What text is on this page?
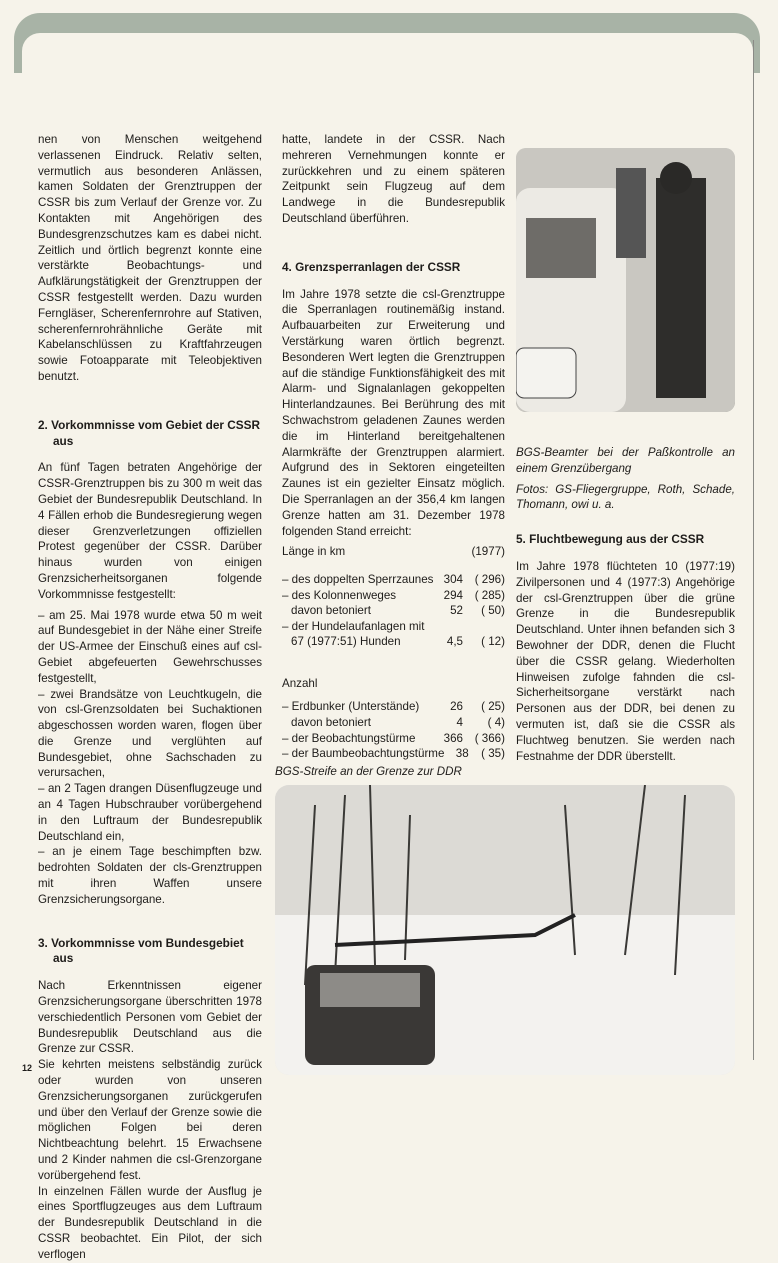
nen von Menschen weitgehend verlassenen Eindruck. Relativ selten, vermutlich aus besonderen Anlässen, kamen Soldaten der Grenztruppen der CSSR bis zum Verlauf der Grenze vor. Zu Kontakten mit Angehörigen des Bundesgrenzschutzes kam es dabei nicht. Zeitlich und örtlich begrenzt konnte eine verstärkte Beobachtungs- und Aufklärungstätigkeit der Grenztruppen der CSSR festgestellt werden. Dazu wurden Ferngläser, Scherenfernrohre auf Stativen, scherenfernrohrähnliche Geräte mit Kabelanschlüssen zu Kraftfahrzeugen sowie Fotoapparate mit Teleobjektiven benutzt.

2. Vorkommnisse vom Gebiet der CSSR
aus

An fünf Tagen betraten Angehörige der CSSR-Grenztruppen bis zu 300 m weit das Gebiet der Bundesrepublik Deutschland. In 4 Fällen erhob die Bundesregierung wegen dieser Grenzverletzungen offiziellen Protest gegenüber der CSSR. Darüber hinaus wurden von einigen Grenzsicherheitsorganen folgende Vorkommnisse festgestellt:

– am 25. Mai 1978 wurde etwa 50 m weit auf Bundesgebiet in der Nähe einer Streife der US-Armee der Einschuß eines auf csl-Gebiet abgefeuerten Gewehrschusses festgestellt,
– zwei Brandsätze von Leuchtkugeln, die von csl-Grenzsoldaten bei Suchaktionen abgeschossen worden waren, flogen über die Grenze und verglühten auf Bundesgebiet, ohne Sachschaden zu verursachen,
– an 2 Tagen drangen Düsenflugzeuge und an 4 Tagen Hubschrauber vorübergehend in den Luftraum der Bundesrepublik Deutschland ein,
– an je einem Tage beschimpften bzw. bedrohten Soldaten der cls-Grenztruppen mit ihren Waffen unsere Grenzsicherungsorgane.
3. Vorkommnisse vom Bundesgebiet
aus
Nach Erkenntnissen eigener Grenzsicherungsorgane überschritten 1978 verschiedentlich Personen vom Gebiet der Bundesrepublik Deutschland aus die Grenze zur CSSR.
Sie kehrten meistens selbständig zurück oder wurden von unseren Grenzsicherungsorganen zurückgerufen und über den Verlauf der Grenze sowie die möglichen Folgen bei deren Nichtbeachtung belehrt. 15 Erwachsene und 2 Kinder nahmen die csl-Grenzorgane vorübergehend fest.
In einzelnen Fällen wurde der Ausflug je eines Sportflugzeuges aus dem Luftraum der Bundesrepublik Deutschland in die CSSR beobachtet. Ein Pilot, der sich verflogen
12

hatte, landete in der CSSR. Nach mehreren Vernehmungen konnte er zurückkehren und zu einem späteren Zeitpunkt sein Flugzeug auf dem Landwege in die Bundesrepublik Deutschland überführen.

4. Grenzsperranlagen der CSSR

Im Jahre 1978 setzte die csl-Grenztruppe die Sperranlagen routinemäßig instand. Aufbauarbeiten zur Erweiterung und Verstärkung waren örtlich begrenzt. Besonderen Wert legten die Grenztruppen auf die ständige Funktionsfähigkeit des mit Alarm- und Signalanlagen gekoppelten Hinterlandzaunes. Bei Berührung des mit Schwachstrom geladenen Zaunes werden die im Hinterland bereitgehaltenen Alarmkräfte der Grenztruppen alarmiert. Aufgrund des in Sektoren eingeteilten Zaunes ist ein gezielter Einsatz möglich. Die Sperranlagen an der 356,4 km langen Grenze hatten am 31. Dezember 1978 folgenden Stand erreicht:

Länge in km	(1977)
– des doppelten Sperrzaunes 304	( 296)
– des Kolonnenweges	294	( 285)
davon betoniert	52	( 50)
– der Hundelaufanlagen mit
67 (1977:51) Hunden	4,5	( 12)
Anzahl
– Erdbunker (Unterstände)	26	( 25)
davon betoniert	4	( 4)
– der Beobachtungstürme	366	( 366)
– der Baumbeobachtungstürme 38	( 35)
BGS-Streife an der Grenze zur DDR

BGS-Beamter bei der Paßkontrolle an einem Grenzübergang

Fotos: GS-Fliegergruppe, Roth, Schade, Thomann, owi u. a.

5. Fluchtbewegung aus der CSSR

Im Jahre 1978 flüchteten 10 (1977:19) Zivilpersonen und 4 (1977:3) Angehörige der csl-Grenztruppen über die grüne Grenze in die Bundesrepublik Deutschland. Unter ihnen befanden sich 3 Bewohner der DDR, denen die Flucht über die CSSR gelang. Wiederholten Hinweisen zufolge fahnden die csl-Sicherheitsorgane verstärkt nach Personen aus der DDR, bei denen zu vermuten ist, daß sie die CSSR als Fluchtweg benutzen. Sie werden nach Festnahme der DDR überstellt.
